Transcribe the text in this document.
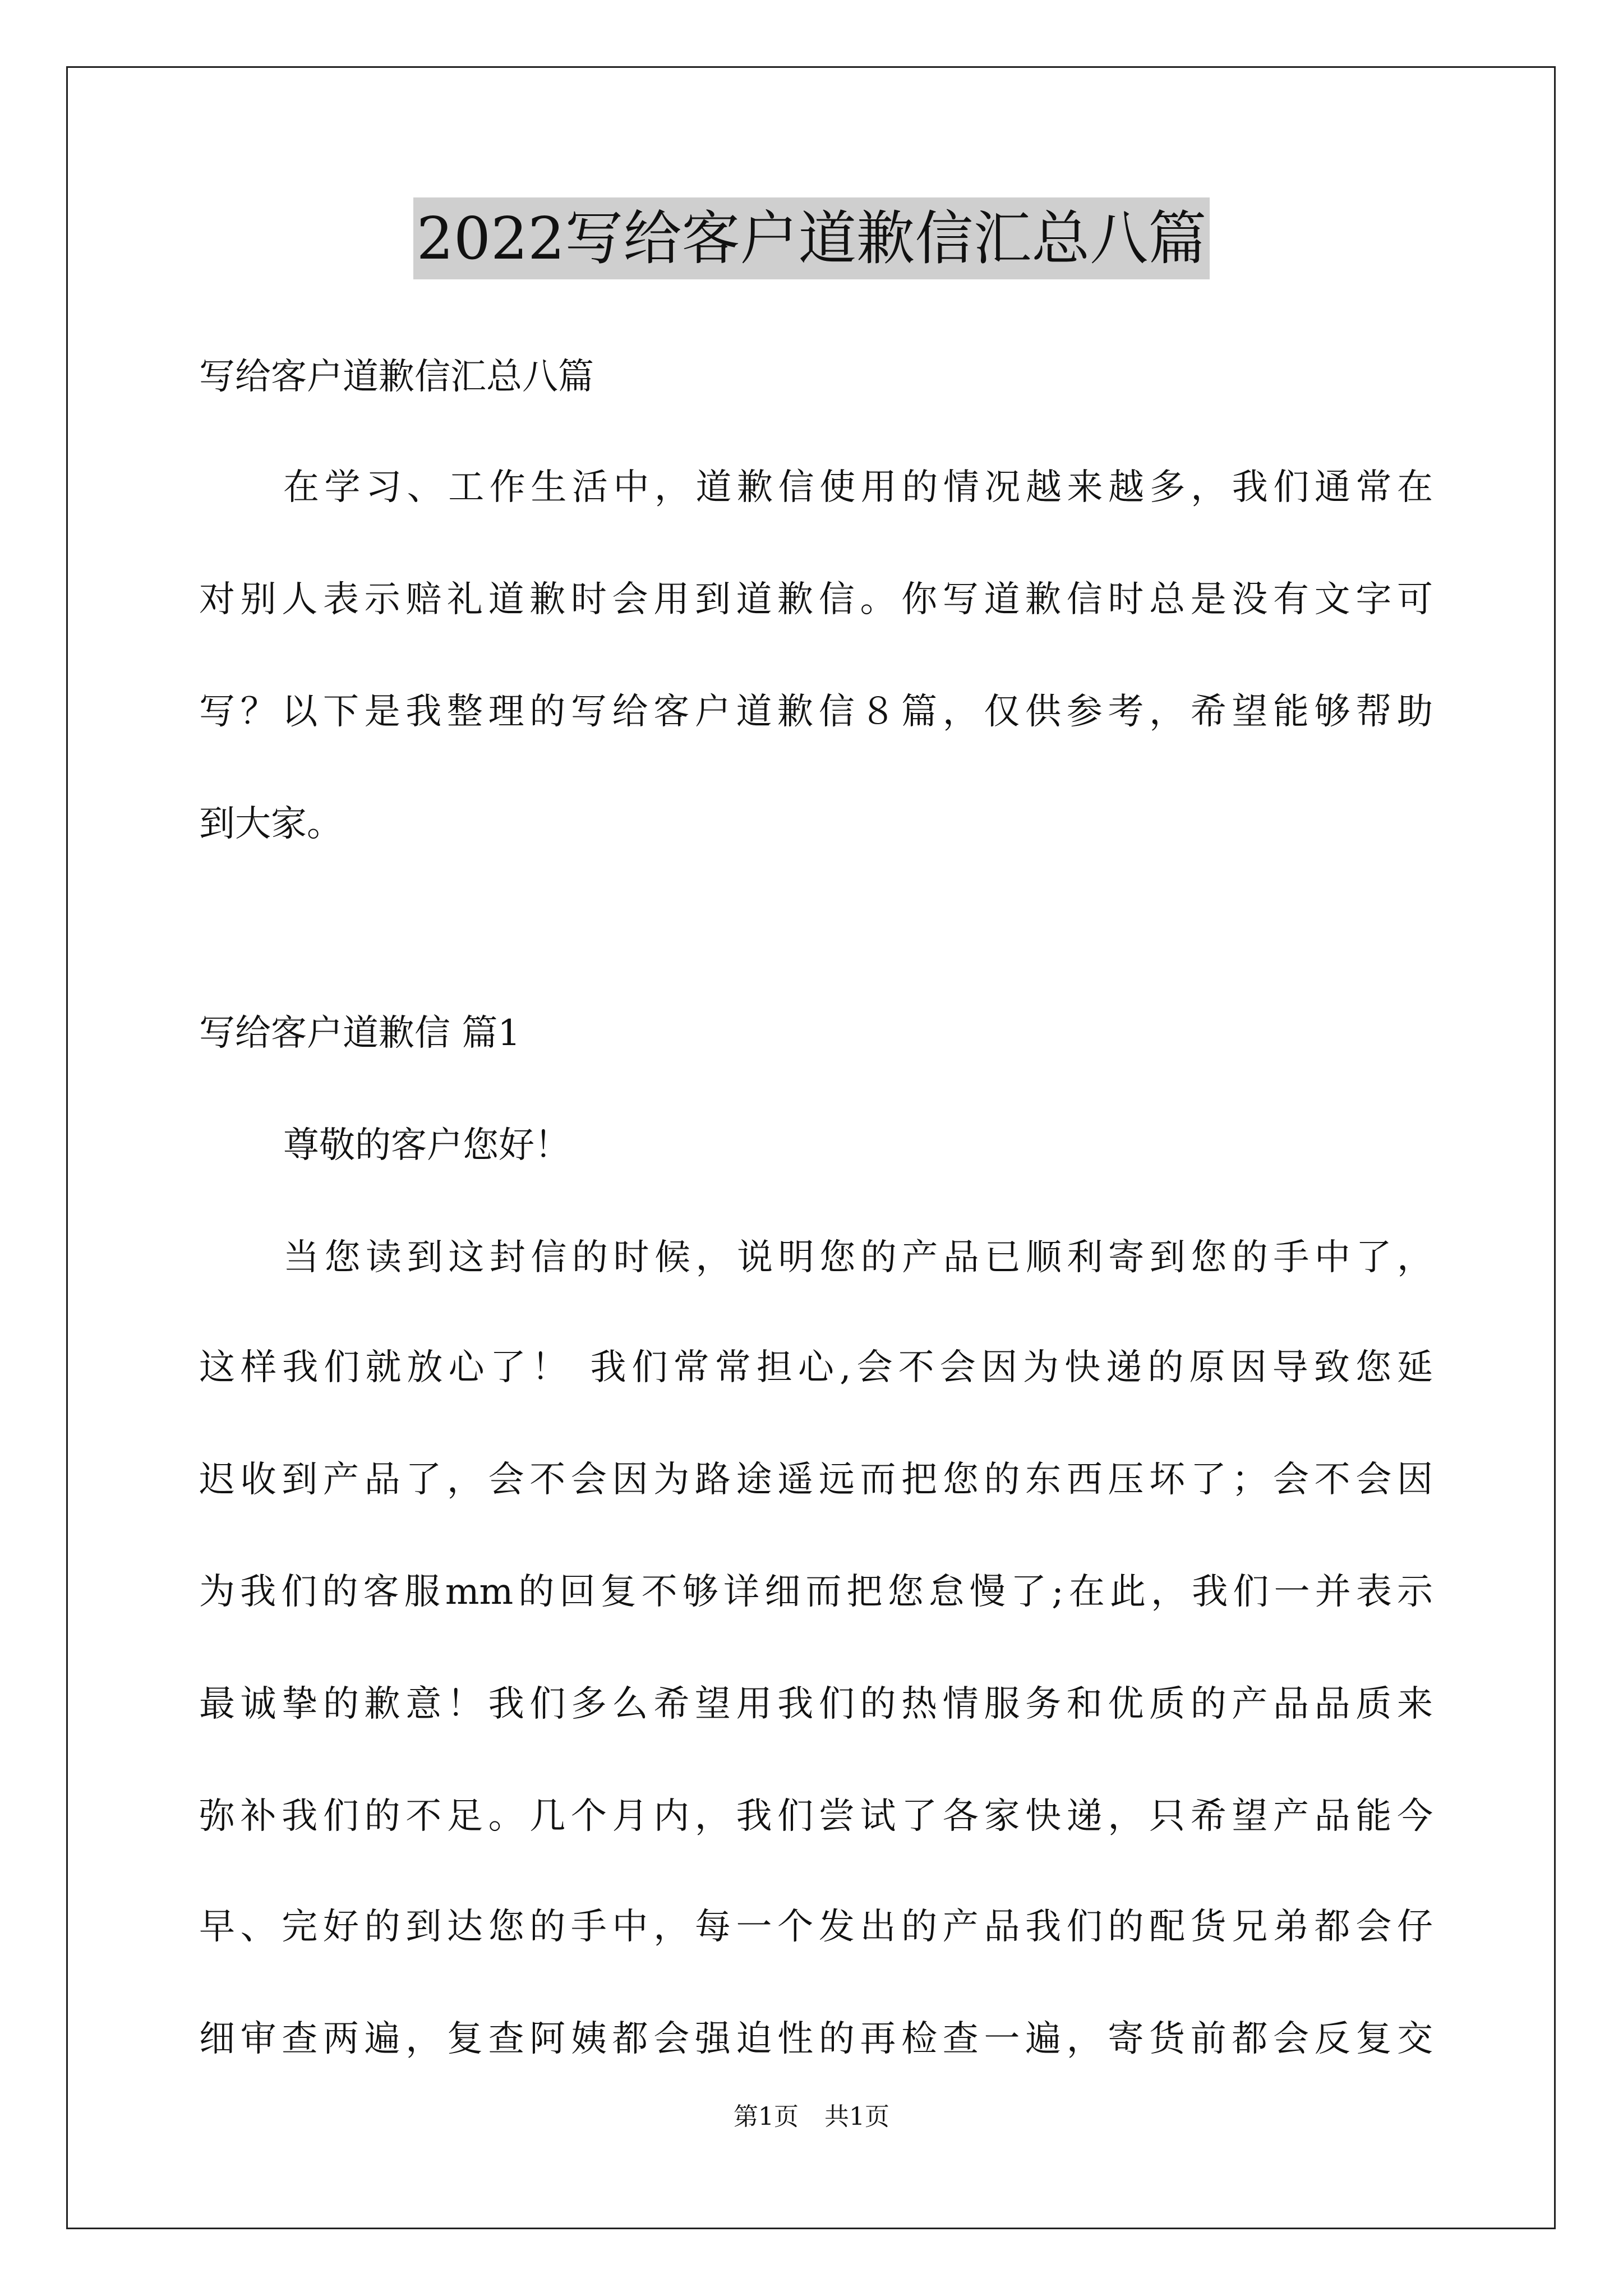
2022写给客户道歉信汇总八篇
写给客户道歉信汇总八篇
在学习、工作生活中，道歉信使用的情况越来越多，我们通常在
对别人表示赔礼道歉时会用到道歉信。你写道歉信时总是没有文字可
写？以下是我整理的写给客户道歉信８篇，仅供参考，希望能够帮助
到大家。
写给客户道歉信 篇1
尊敬的客户您好！
当您读到这封信的时候，说明您的产品已顺利寄到您的手中了，
这样我们就放心了！ 我们常常担心,会不会因为快递的原因导致您延
迟收到产品了，会不会因为路途遥远而把您的东西压坏了；会不会因
为我们的客服mm的回复不够详细而把您怠慢了;在此，我们一并表示
最诚挚的歉意！我们多么希望用我们的热情服务和优质的产品品质来
弥补我们的不足。几个月内，我们尝试了各家快递，只希望产品能今
早、完好的到达您的手中，每一个发出的产品我们的配货兄弟都会仔
细审查两遍，复查阿姨都会强迫性的再检查一遍，寄货前都会反复交
第1页 共1页
